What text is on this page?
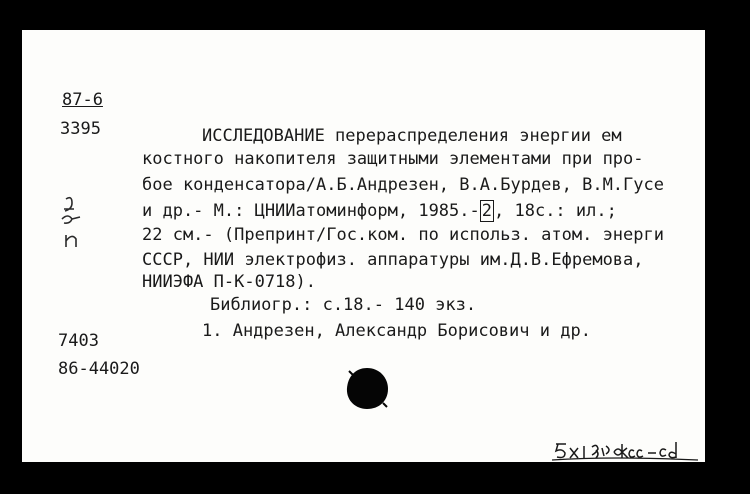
87-6
3395	ИССЛЕДОВАНИЕ перераспределения энергии ем
костного накопителя защитными элементами при про-
бое конденсатора/А.Б.Андрезен, В.А.Бурдев, В.М.Гусе
и др.- М.: ЦНИИатоминформ, 1985.- 2 , 18с.: ил.;
22 см.- (Препринт/Гос.ком. по использ. атом. энерги
СССР, НИИ электрофиз. аппаратуры им.Д.В.Ефремова,
НИИЭФА П-К-0718).
Библиогр.: с.18.- 140 экз.
1. Андрезен, Александр Борисович и др.
7403
86-44020
